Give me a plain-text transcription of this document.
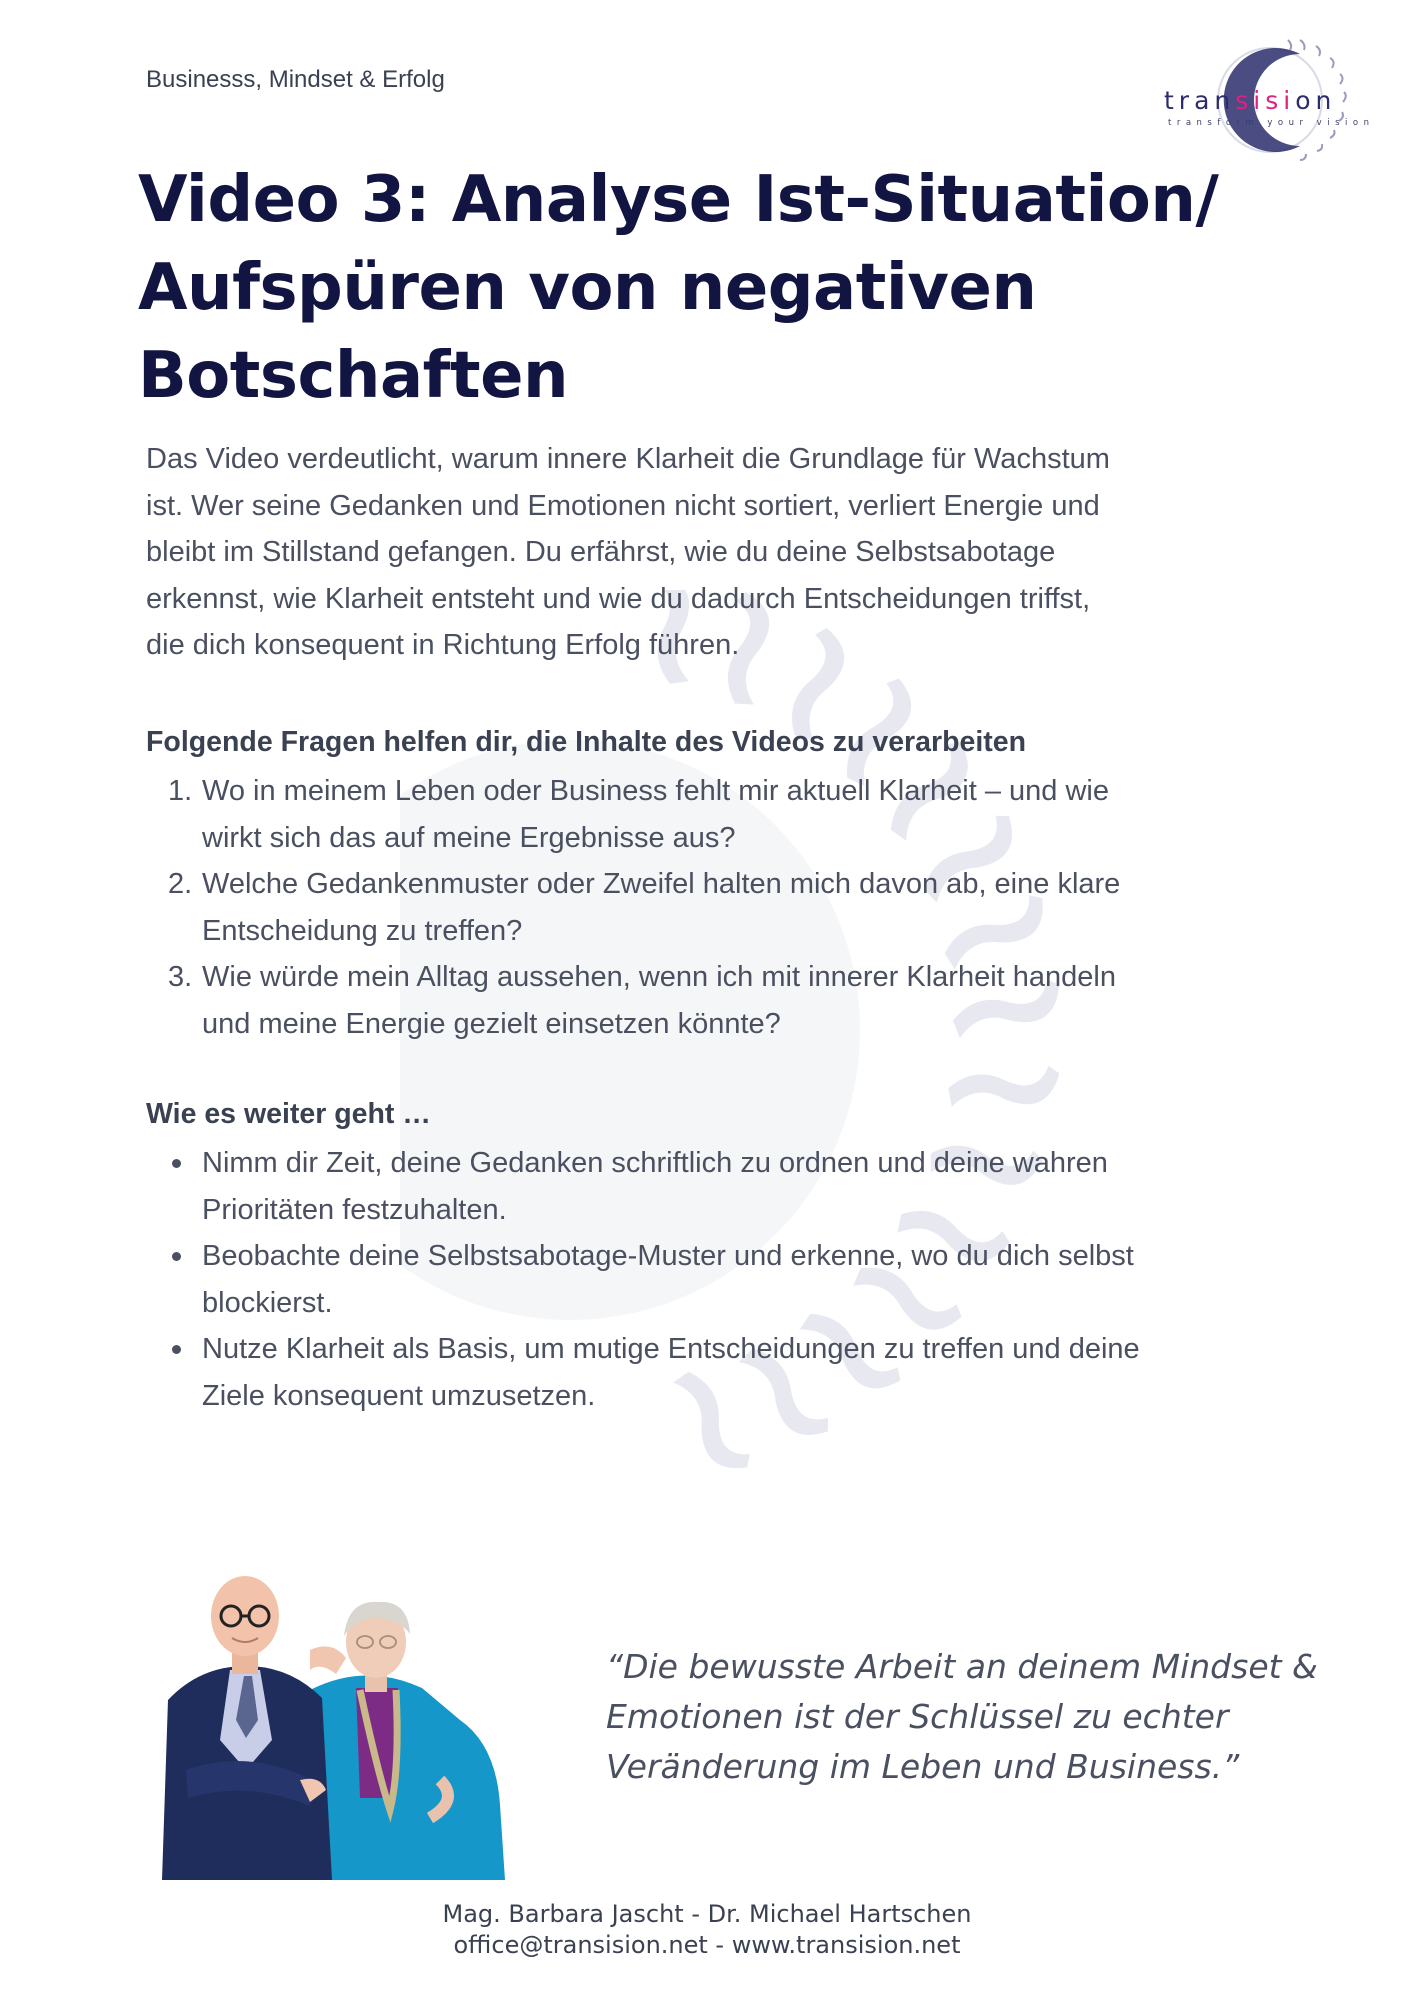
Businesss, Mindset & Erfolg
transision
transform your vision
Video 3: Analyse Ist-Situation/
Aufspüren von negativen
Botschaften
Das Video verdeutlicht, warum innere Klarheit die Grundlage für Wachstum
ist. Wer seine Gedanken und Emotionen nicht sortiert, verliert Energie und
bleibt im Stillstand gefangen. Du erfährst, wie du deine Selbstsabotage
erkennst, wie Klarheit entsteht und wie du dadurch Entscheidungen triffst,
die dich konsequent in Richtung Erfolg führen.
Folgende Fragen helfen dir, die Inhalte des Videos zu verarbeiten
1. Wo in meinem Leben oder Business fehlt mir aktuell Klarheit – und wie
wirkt sich das auf meine Ergebnisse aus?
2. Welche Gedankenmuster oder Zweifel halten mich davon ab, eine klare
Entscheidung zu treffen?
3. Wie würde mein Alltag aussehen, wenn ich mit innerer Klarheit handeln
und meine Energie gezielt einsetzen könnte?
Wie es weiter geht …
Nimm dir Zeit, deine Gedanken schriftlich zu ordnen und deine wahren
Prioritäten festzuhalten.
Beobachte deine Selbstsabotage-Muster und erkenne, wo du dich selbst
blockierst.
Nutze Klarheit als Basis, um mutige Entscheidungen zu treffen und deine
Ziele konsequent umzusetzen.
“Die bewusste Arbeit an deinem Mindset &
Emotionen ist der Schlüssel zu echter
Veränderung im Leben und Business.”
Mag. Barbara Jascht - Dr. Michael Hartschen
office@transision.net - www.transision.net
